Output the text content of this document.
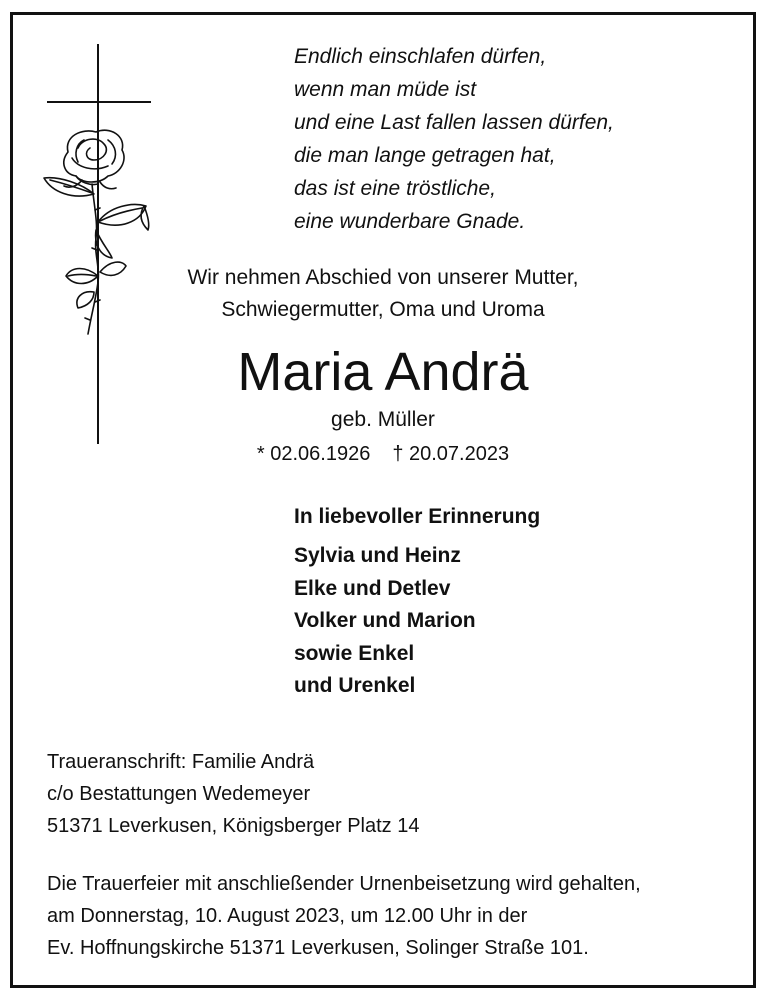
Endlich einschlafen dürfen,
wenn man müde ist
und eine Last fallen lassen dürfen,
die man lange getragen hat,
das ist eine tröstliche,
eine wunderbare Gnade.
Wir nehmen Abschied von unserer Mutter,
Schwiegermutter, Oma und Uroma
Maria Andrä
geb. Müller
* 02.06.1926 † 20.07.2023
In liebevoller Erinnerung
Sylvia und Heinz
Elke und Detlev
Volker und Marion
sowie Enkel
und Urenkel
Traueranschrift: Familie Andrä
c/o Bestattungen Wedemeyer
51371 Leverkusen, Königsberger Platz 14
Die Trauerfeier mit anschließender Urnenbeisetzung wird gehalten,
am Donnerstag, 10. August 2023, um 12.00 Uhr in der
Ev. Hoffnungskirche 51371 Leverkusen, Solinger Straße 101.
